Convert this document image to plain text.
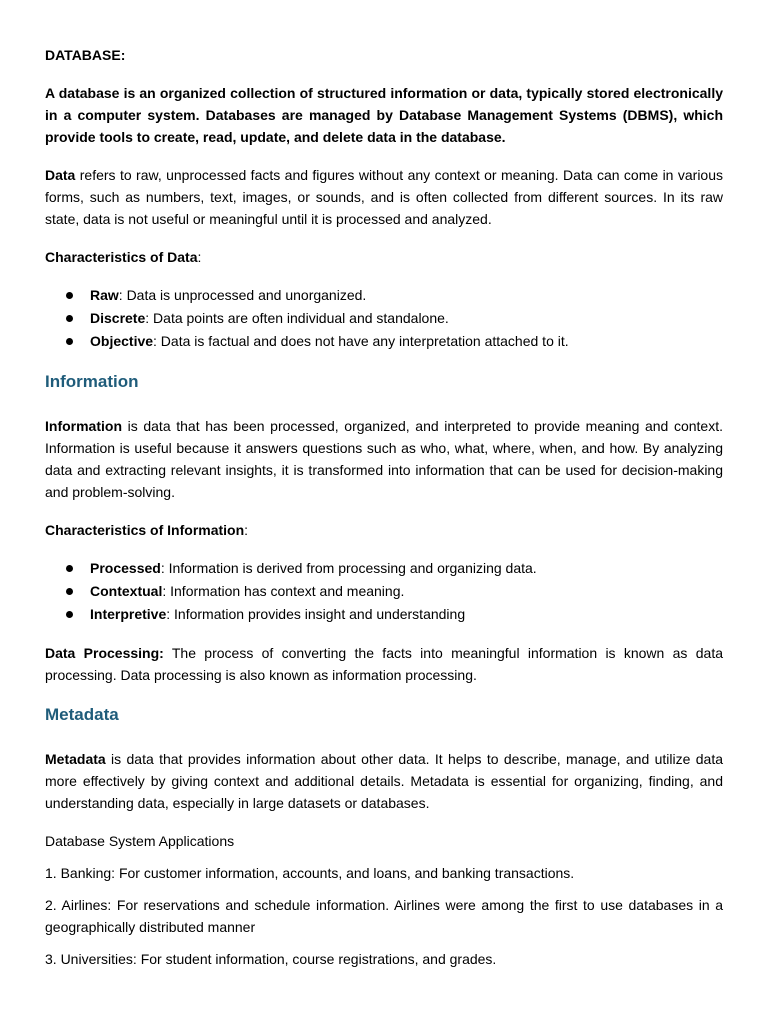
DATABASE:

A database is an organized collection of structured information or data, typically stored electronically in a computer system. Databases are managed by Database Management Systems (DBMS), which provide tools to create, read, update, and delete data in the database.

Data refers to raw, unprocessed facts and figures without any context or meaning. Data can come in various forms, such as numbers, text, images, or sounds, and is often collected from different sources. In its raw state, data is not useful or meaningful until it is processed and analyzed.

Characteristics of Data:

Raw: Data is unprocessed and unorganized.
Discrete: Data points are often individual and standalone.
Objective: Data is factual and does not have any interpretation attached to it.
Information

Information is data that has been processed, organized, and interpreted to provide meaning and context. Information is useful because it answers questions such as who, what, where, when, and how. By analyzing data and extracting relevant insights, it is transformed into information that can be used for decision-making and problem-solving.

Characteristics of Information:

Processed: Information is derived from processing and organizing data.
Contextual: Information has context and meaning.
Interpretive: Information provides insight and understanding

Data Processing: The process of converting the facts into meaningful information is known as data processing. Data processing is also known as information processing.

Metadata

Metadata is data that provides information about other data. It helps to describe, manage, and utilize data more effectively by giving context and additional details. Metadata is essential for organizing, finding, and understanding data, especially in large datasets or databases.

Database System Applications

1. Banking: For customer information, accounts, and loans, and banking transactions.

2. Airlines: For reservations and schedule information. Airlines were among the first to use databases in a geographically distributed manner

3. Universities: For student information, course registrations, and grades.
